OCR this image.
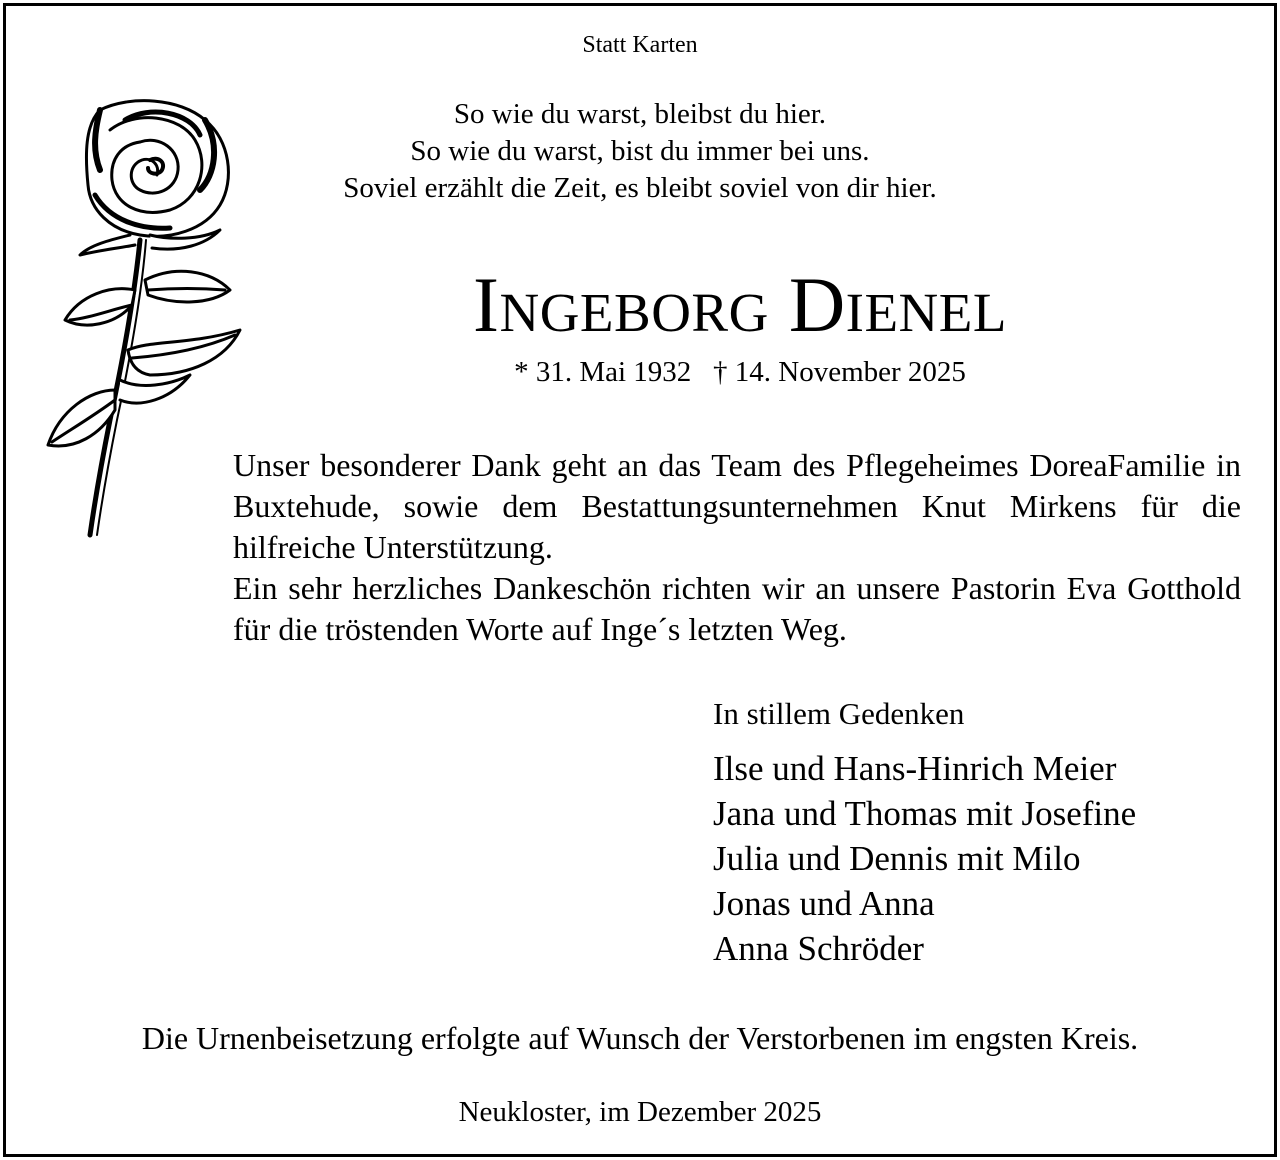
Statt Karten
So wie du warst, bleibst du hier.
So wie du warst, bist du immer bei uns.
Soviel erzählt die Zeit, es bleibt soviel von dir hier.
Ingeborg Dienel
* 31. Mai 1932   † 14. November 2025

Unser besonderer Dank geht an das Team des Pflegeheimes DoreaFamilie in Buxtehude, sowie dem Bestattungsunternehmen Knut Mirkens für die hilfreiche Unterstützung.

Ein sehr herzliches Dankeschön richten wir an unsere Pastorin Eva Gotthold für die tröstenden Worte auf Inge´s letzten Weg.

In stillem Gedenken
Ilse und Hans-Hinrich Meier
Jana und Thomas mit Josefine
Julia und Dennis mit Milo
Jonas und Anna
Anna Schröder
Die Urnenbeisetzung erfolgte auf Wunsch der Verstorbenen im engsten Kreis.
Neukloster, im Dezember 2025
